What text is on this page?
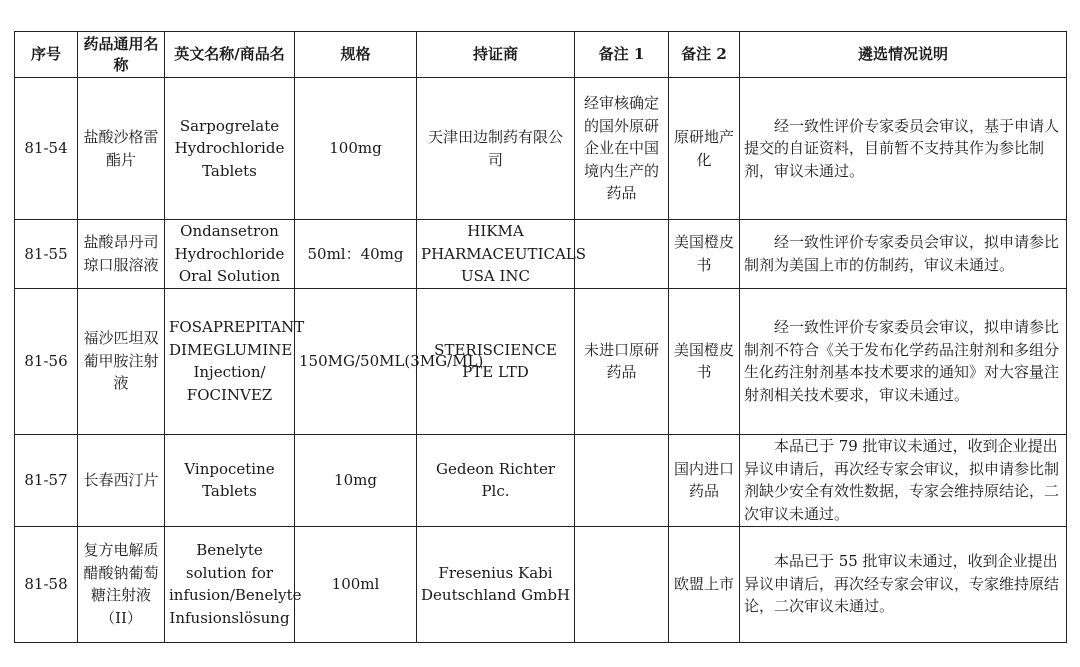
序号	药品通用名称	英文名称/商品名	规格	持证商	备注 1	备注 2	遴选情况说明
81-54	盐酸沙格雷酯片	Sarpogrelate Hydrochloride Tablets	100mg	天津田边制药有限公司	经审核确定的国外原研企业在中国境内生产的药品	原研地产化	经一致性评价专家委员会审议，基于申请人提交的自证资料，目前暂不支持其作为参比制剂，审议未通过。
81-55	盐酸昂丹司琼口服溶液	Ondansetron Hydrochloride Oral Solution	50ml：40mg	HIKMA PHARMACEUTICALS USA INC		美国橙皮书	经一致性评价专家委员会审议，拟申请参比制剂为美国上市的仿制药，审议未通过。
81-56	福沙匹坦双葡甲胺注射液	FOSAPREPITANT DIMEGLUMINE Injection/ FOCINVEZ	150MG/50ML(3MG/ML)	STERISCIENCE PTE LTD	未进口原研药品	美国橙皮书	经一致性评价专家委员会审议，拟申请参比制剂不符合《关于发布化学药品注射剂和多组分生化药注射剂基本技术要求的通知》对大容量注射剂相关技术要求，审议未通过。
81-57	长春西汀片	Vinpocetine Tablets	10mg	Gedeon Richter Plc.		国内进口药品	本品已于 79 批审议未通过，收到企业提出异议申请后，再次经专家会审议，拟申请参比制剂缺少安全有效性数据，专家会维持原结论，二次审议未通过。
81-58	复方电解质醋酸钠葡萄糖注射液（II）	Benelyte solution for infusion/Benelyte Infusionslösung	100ml	Fresenius Kabi Deutschland GmbH		欧盟上市	本品已于 55 批审议未通过，收到企业提出异议申请后，再次经专家会审议，专家维持原结论，二次审议未通过。
